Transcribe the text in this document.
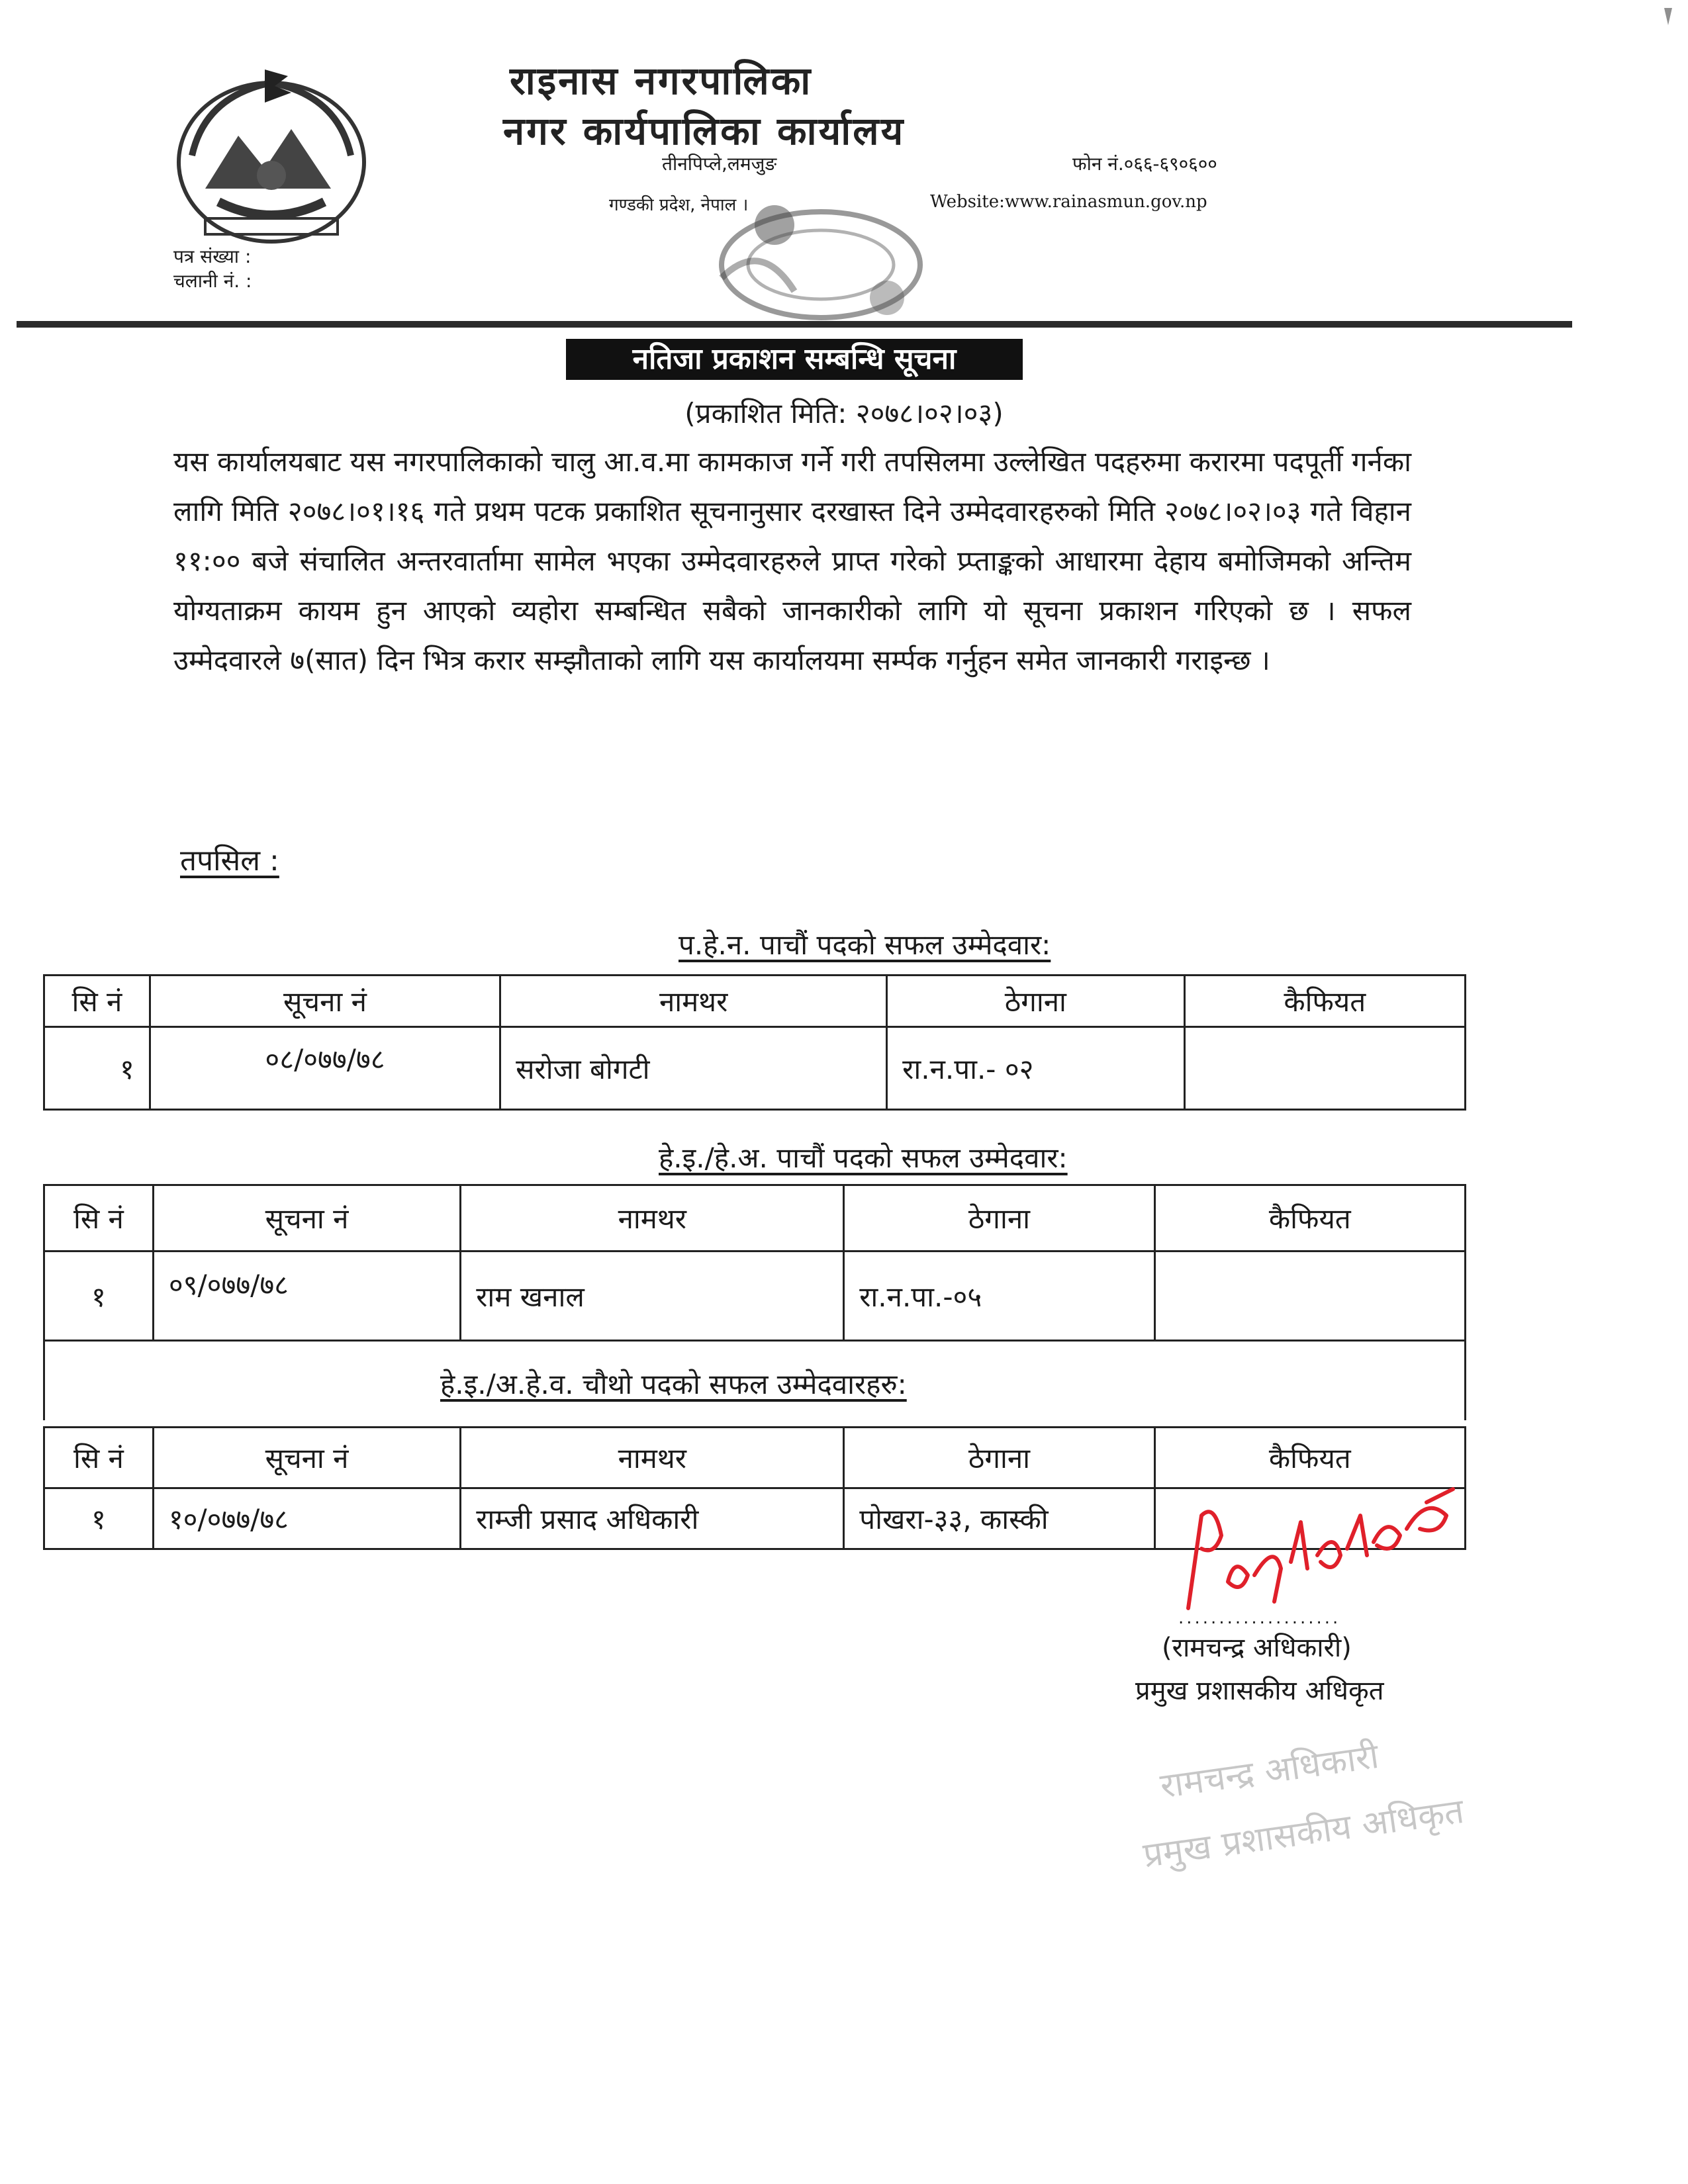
राइनास नगरपालिका
नगर कार्यपालिका कार्यालय
तीनपिप्ले,लमजुङ	फोन नं.०६६-६९०६००
गण्डकी प्रदेश, नेपाल ।	Website:www.rainasmun.gov.np
पत्र संख्या :
चलानी नं. :
नतिजा प्रकाशन सम्बन्धि सूचना
(प्रकाशित मिति: २०७८।०२।०३)
यस कार्यालयबाट यस नगरपालिकाको चालु आ.व.मा कामकाज गर्ने गरी तपसिलमा उल्लेखित पदहरुमा करारमा पदपूर्ती गर्नका लागि मिति २०७८।०१।१६ गते प्रथम पटक प्रकाशित सूचनानुसार दरखास्त दिने उम्मेदवारहरुको मिति २०७८।०२।०३ गते विहान ११:०० बजे संचालित अन्तरवार्तामा सामेल भएका उम्मेदवारहरुले प्राप्त गरेको प्र्प्ताङ्कको आधारमा देहाय बमोजिमको अन्तिम योग्यताक्रम कायम हुन आएको व्यहोरा सम्बन्धित सबैको जानकारीको लागि यो सूचना प्रकाशन गरिएको छ । सफल उम्मेदवारले ७(सात) दिन भित्र करार सम्झौताको लागि यस कार्यालयमा सर्म्पक गर्नुहन समेत जानकारी गराइन्छ ।
तपसिल :
प.हे.न. पाचौं पदको सफल उम्मेदवार:
सि नं	सूचना नं	नामथर	ठेगाना	कैफियत
१	०८/०७७/७८	सरोजा बोगटी	रा.न.पा.- ०२	
हे.इ./हे.अ. पाचौं पदको सफल उम्मेदवार:
सि नं	सूचना नं	नामथर	ठेगाना	कैफियत
१	०९/०७७/७८	राम खनाल	रा.न.पा.-०५	

हे.इ./अ.हे.व. चौथो पदको सफल उम्मेदवारहरु:
सि नं	सूचना नं	नामथर	ठेगाना	कैफियत
१	१०/०७७/७८	राम्जी प्रसाद अधिकारी	पोखरा-३३, कास्की	
....................
(रामचन्द्र अधिकारी)
प्रमुख प्रशासकीय अधिकृत
रामचन्द्र अधिकारी
प्रमुख प्रशासकीय अधिकृत
